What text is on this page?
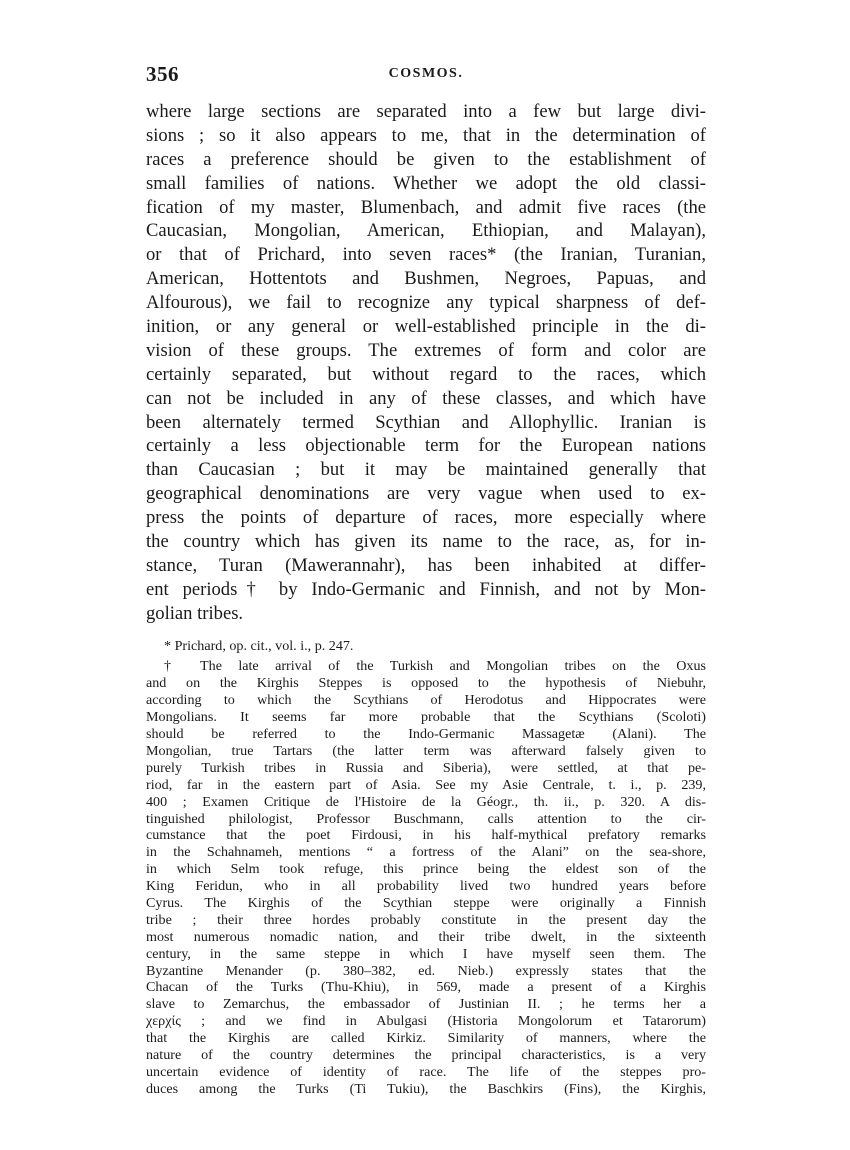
356	COSMOS.
where large sections are separated into a few but large divi-
sions ; so it also appears to me, that in the determination of
races a preference should be given to the establishment of
small families of nations. Whether we adopt the old classi-
fication of my master, Blumenbach, and admit five races (the
Caucasian, Mongolian, American, Ethiopian, and Malayan),
or that of Prichard, into seven races* (the Iranian, Turanian,
American, Hottentots and Bushmen, Negroes, Papuas, and
Alfourous), we fail to recognize any typical sharpness of def-
inition, or any general or well-established principle in the di-
vision of these groups. The extremes of form and color are
certainly separated, but without regard to the races, which
can not be included in any of these classes, and which have
been alternately termed Scythian and Allophyllic. Iranian is
certainly a less objectionable term for the European nations
than Caucasian ; but it may be maintained generally that
geographical denominations are very vague when used to ex-
press the points of departure of races, more especially where
the country which has given its name to the race, as, for in-
stance, Turan (Mawerannahr), has been inhabited at differ-
ent periods† by Indo-Germanic and Finnish, and not by Mon-
golian tribes.
* Prichard, op. cit., vol. i., p. 247.
† The late arrival of the Turkish and Mongolian tribes on the Oxus
and on the Kirghis Steppes is opposed to the hypothesis of Niebuhr,
according to which the Scythians of Herodotus and Hippocrates were
Mongolians. It seems far more probable that the Scythians (Scoloti)
should be referred to the Indo-Germanic Massagetæ (Alani). The
Mongolian, true Tartars (the latter term was afterward falsely given to
purely Turkish tribes in Russia and Siberia), were settled, at that pe-
riod, far in the eastern part of Asia. See my Asie Centrale, t. i., p. 239,
400 ; Examen Critique de l'Histoire de la Géogr., th. ii., p. 320. A dis-
tinguished philologist, Professor Buschmann, calls attention to the cir-
cumstance that the poet Firdousi, in his half-mythical prefatory remarks
in the Schahnameh, mentions “ a fortress of the Alani” on the sea-shore,
in which Selm took refuge, this prince being the eldest son of the
King Feridun, who in all probability lived two hundred years before
Cyrus. The Kirghis of the Scythian steppe were originally a Finnish
tribe ; their three hordes probably constitute in the present day the
most numerous nomadic nation, and their tribe dwelt, in the sixteenth
century, in the same steppe in which I have myself seen them. The
Byzantine Menander (p. 380–382, ed. Nieb.) expressly states that the
Chacan of the Turks (Thu-Khiu), in 569, made a present of a Kirghis
slave to Zemarchus, the embassador of Justinian II. ; he terms her a
χερχίς ; and we find in Abulgasi (Historia Mongolorum et Tatarorum)
that the Kirghis are called Kirkiz. Similarity of manners, where the
nature of the country determines the principal characteristics, is a very
uncertain evidence of identity of race. The life of the steppes pro-
duces among the Turks (Ti Tukiu), the Baschkirs (Fins), the Kirghis,
